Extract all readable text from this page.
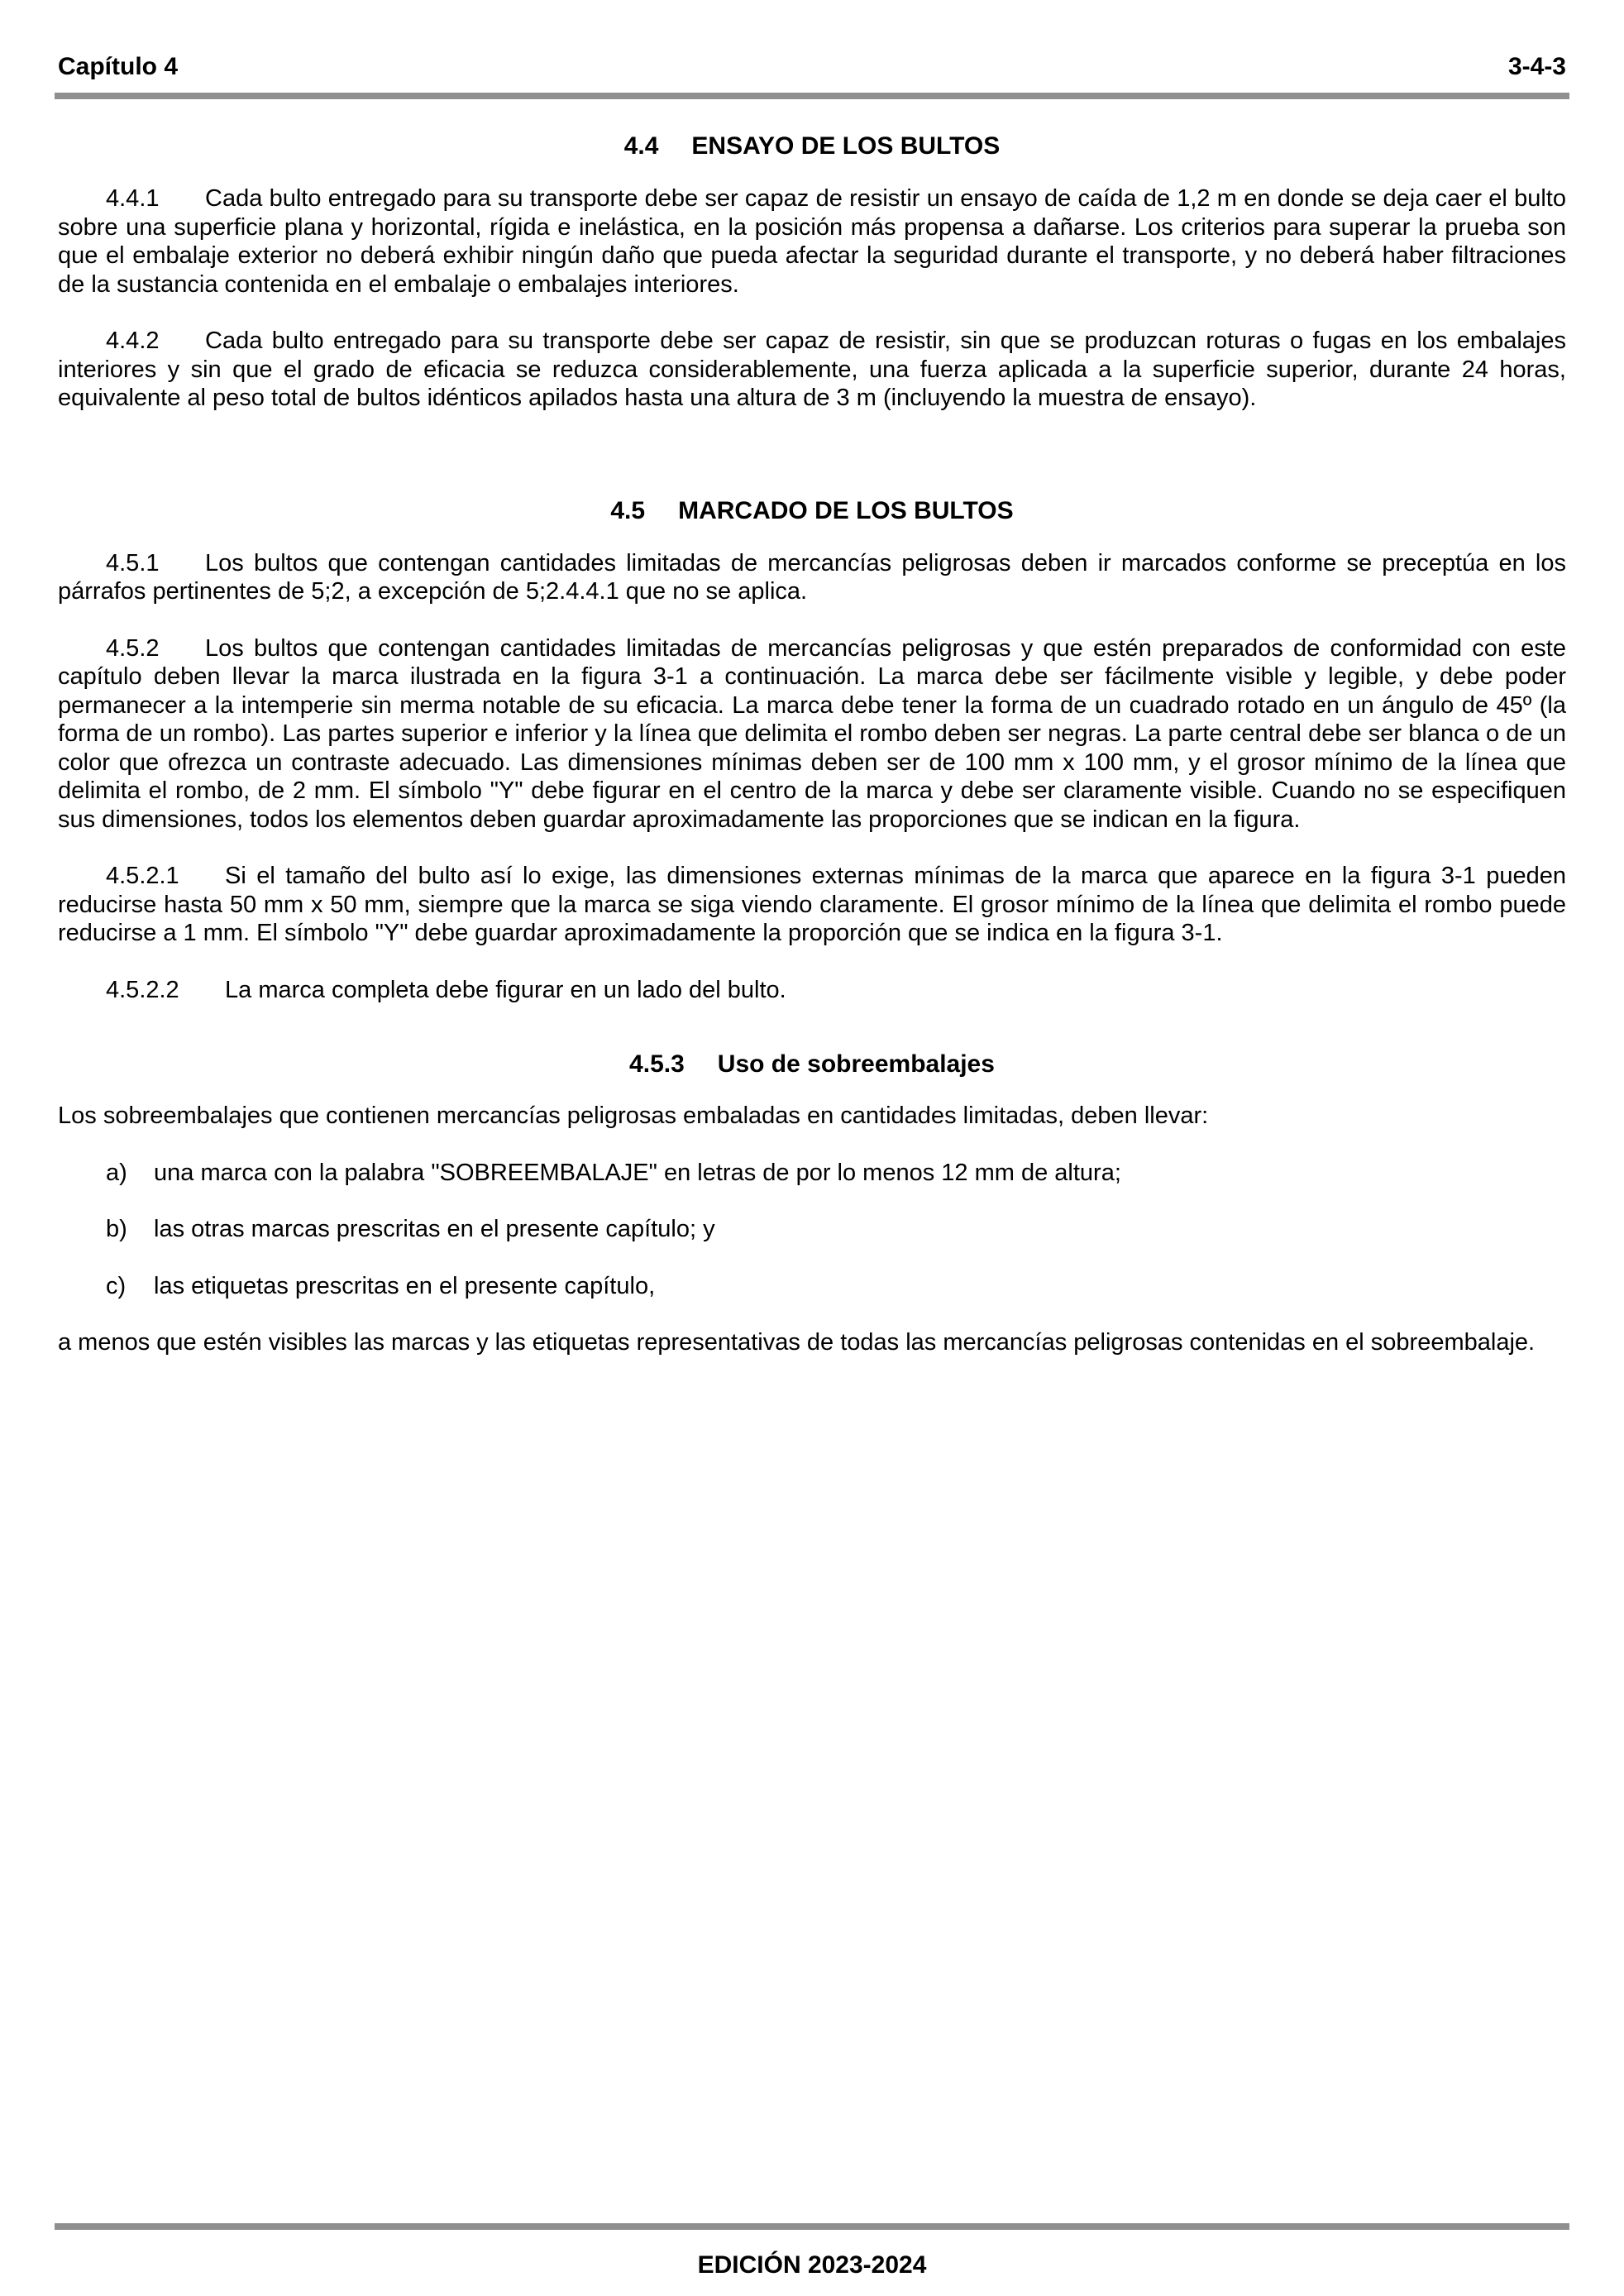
Capítulo 4	3-4-3
4.4 ENSAYO DE LOS BULTOS

4.4.1 Cada bulto entregado para su transporte debe ser capaz de resistir un ensayo de caída de 1,2 m en donde se deja caer el bulto sobre una superficie plana y horizontal, rígida e inelástica, en la posición más propensa a dañarse. Los criterios para superar la prueba son que el embalaje exterior no deberá exhibir ningún daño que pueda afectar la seguridad durante el transporte, y no deberá haber filtraciones de la sustancia contenida en el embalaje o embalajes interiores.

4.4.2 Cada bulto entregado para su transporte debe ser capaz de resistir, sin que se produzcan roturas o fugas en los embalajes interiores y sin que el grado de eficacia se reduzca considerablemente, una fuerza aplicada a la superficie superior, durante 24 horas, equivalente al peso total de bultos idénticos apilados hasta una altura de 3 m (incluyendo la muestra de ensayo).

4.5 MARCADO DE LOS BULTOS

4.5.1 Los bultos que contengan cantidades limitadas de mercancías peligrosas deben ir marcados conforme se preceptúa en los párrafos pertinentes de 5;2, a excepción de 5;2.4.4.1 que no se aplica.

4.5.2 Los bultos que contengan cantidades limitadas de mercancías peligrosas y que estén preparados de conformidad con este capítulo deben llevar la marca ilustrada en la figura 3-1 a continuación. La marca debe ser fácilmente visible y legible, y debe poder permanecer a la intemperie sin merma notable de su eficacia. La marca debe tener la forma de un cuadrado rotado en un ángulo de 45º (la forma de un rombo). Las partes superior e inferior y la línea que delimita el rombo deben ser negras. La parte central debe ser blanca o de un color que ofrezca un contraste adecuado. Las dimensiones mínimas deben ser de 100 mm x 100 mm, y el grosor mínimo de la línea que delimita el rombo, de 2 mm. El símbolo "Y" debe figurar en el centro de la marca y debe ser claramente visible. Cuando no se especifiquen sus dimensiones, todos los elementos deben guardar aproximadamente las proporciones que se indican en la figura.

4.5.2.1 Si el tamaño del bulto así lo exige, las dimensiones externas mínimas de la marca que aparece en la figura 3-1 pueden reducirse hasta 50 mm x 50 mm, siempre que la marca se siga viendo claramente. El grosor mínimo de la línea que delimita el rombo puede reducirse a 1 mm. El símbolo "Y" debe guardar aproximadamente la proporción que se indica en la figura 3-1.

4.5.2.2 La marca completa debe figurar en un lado del bulto.

4.5.3 Uso de sobreembalajes

Los sobreembalajes que contienen mercancías peligrosas embaladas en cantidades limitadas, deben llevar:

a)	una marca con la palabra "SOBREEMBALAJE" en letras de por lo menos 12 mm de altura;
b)	las otras marcas prescritas en el presente capítulo; y
c)	las etiquetas prescritas en el presente capítulo,

a menos que estén visibles las marcas y las etiquetas representativas de todas las mercancías peligrosas contenidas en el sobreembalaje.

EDICIÓN 2023-2024
